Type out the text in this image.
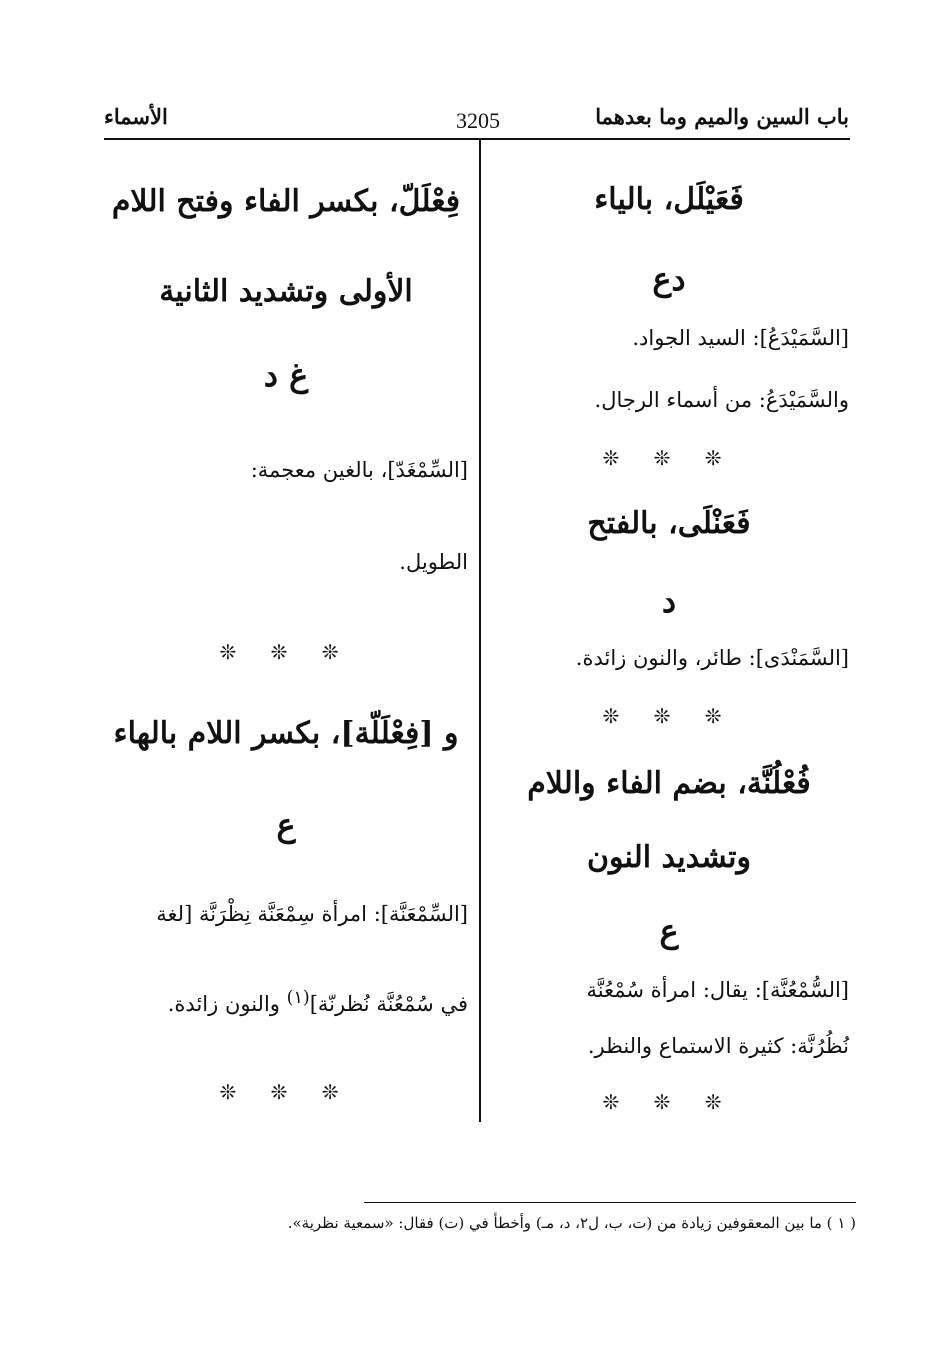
باب السين والميم وما بعدهما
3205
الأسماء
فَعَيْلَل، بالياء
دع
[السَّمَيْدَعُ]: السيد الجواد.
والسَّمَيْدَعُ: من أسماء الرجال.
❊ ❊ ❊
فَعَنْلَى، بالفتح
د
[السَّمَنْدَى]: طائر، والنون زائدة.
❊ ❊ ❊
فُعْلُنَّة، بضم الفاء واللام
وتشديد النون
ع
[السُّمْعُنَّة]: يقال: امرأة سُمْعُنَّة
نُظُرُنَّة: كثيرة الاستماع والنظر.
❊ ❊ ❊
فِعْلَلّ، بكسر الفاء وفتح اللام
الأولى وتشديد الثانية
غ د
[السِّمْغَدّ]، بالغين معجمة:
الطويل.
❊ ❊ ❊
و [فِعْلَلّة]، بكسر اللام بالهاء
ع
[السِّمْعَنَّة]: امرأة سِمْعَنَّة نِظْرَنَّة [لغة
في سُمْعُنَّة نُظرنّة]$^{(١)}$ والنون زائدة.
❊ ❊ ❊
( ١ ) ما بين المعقوفين زيادة من (ت، ب، ل٢، د، مـ) وأخطأ في (ت) فقال: «سمعية نظرية».
